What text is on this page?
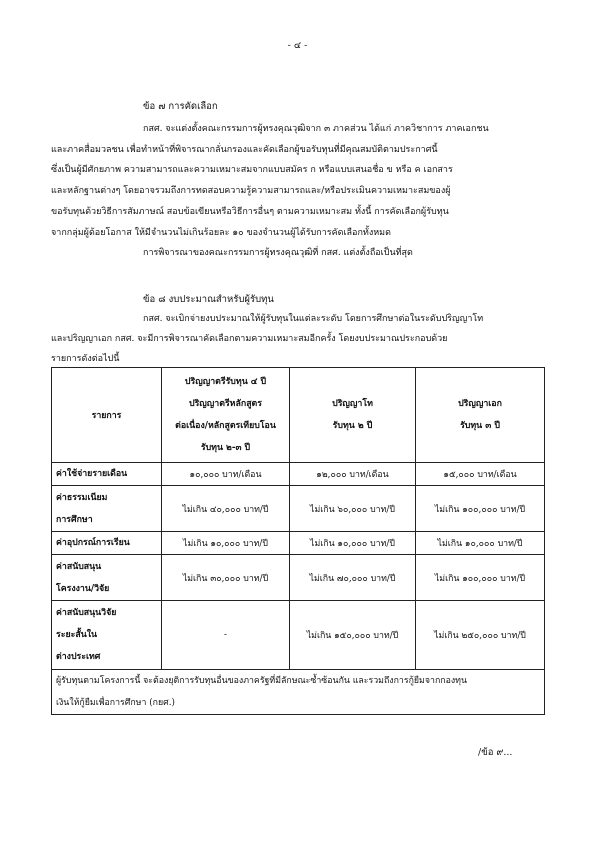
- ๔ -
ข้อ ๗ การคัดเลือก
กสศ. จะแต่งตั้งคณะกรรมการผู้ทรงคุณวุฒิจาก ๓ ภาคส่วน ได้แก่ ภาควิชาการ ภาคเอกชน
และภาคสื่อมวลชน เพื่อทำหน้าที่พิจารณากลั่นกรองและคัดเลือกผู้ขอรับทุนที่มีคุณสมบัติตามประกาศนี้
ซึ่งเป็นผู้มีศักยภาพ ความสามารถและความเหมาะสมจากแบบสมัคร ก หรือแบบเสนอชื่อ ข หรือ ค เอกสาร
และหลักฐานต่างๆ โดยอาจรวมถึงการทดสอบความรู้ความสามารถและ/หรือประเมินความเหมาะสมของผู้
ขอรับทุนด้วยวิธีการสัมภาษณ์ สอบข้อเขียนหรือวิธีการอื่นๆ ตามความเหมาะสม ทั้งนี้ การคัดเลือกผู้รับทุน
จากกลุ่มผู้ด้อยโอกาส ให้มีจำนวนไม่เกินร้อยละ ๑๐ ของจำนวนผู้ได้รับการคัดเลือกทั้งหมด
การพิจารณาของคณะกรรมการผู้ทรงคุณวุฒิที่ กสศ. แต่งตั้งถือเป็นที่สุด
ข้อ ๘ งบประมาณสำหรับผู้รับทุน
กสศ. จะเบิกจ่ายงบประมาณให้ผู้รับทุนในแต่ละระดับ โดยการศึกษาต่อในระดับปริญญาโท
และปริญญาเอก กสศ. จะมีการพิจารณาคัดเลือกตามความเหมาะสมอีกครั้ง โดยงบประมาณประกอบด้วย
รายการดังต่อไปนี้
รายการ	ปริญญาตรีรับทุน ๔ ปี
ปริญญาตรีหลักสูตร
ต่อเนื่อง/หลักสูตรเทียบโอน
รับทุน ๒-๓ ปี	ปริญญาโท
รับทุน ๒ ปี	ปริญญาเอก
รับทุน ๓ ปี

ค่าใช้จ่ายรายเดือน	๑๐,๐๐๐ บาท/เดือน	๑๒,๐๐๐ บาท/เดือน	๑๕,๐๐๐ บาท/เดือน

ค่าธรรมเนียม
การศึกษา	ไม่เกิน ๔๐,๐๐๐ บาท/ปี	ไม่เกิน ๖๐,๐๐๐ บาท/ปี	ไม่เกิน ๑๐๐,๐๐๐ บาท/ปี

ค่าอุปกรณ์การเรียน	ไม่เกิน ๑๐,๐๐๐ บาท/ปี	ไม่เกิน ๑๐,๐๐๐ บาท/ปี	ไม่เกิน ๑๐,๐๐๐ บาท/ปี

ค่าสนับสนุน
โครงงาน/วิจัย	ไม่เกิน ๓๐,๐๐๐ บาท/ปี	ไม่เกิน ๗๐,๐๐๐ บาท/ปี	ไม่เกิน ๑๐๐,๐๐๐ บาท/ปี

ค่าสนับสนุนวิจัย
ระยะสั้นใน
ต่างประเทศ	-	ไม่เกิน ๑๕๐,๐๐๐ บาท/ปี	ไม่เกิน ๒๕๐,๐๐๐ บาท/ปี

ผู้รับทุนตามโครงการนี้ จะต้องยุติการรับทุนอื่นของภาครัฐที่มีลักษณะซ้ำซ้อนกัน และรวมถึงการกู้ยืมจากกองทุน
เงินให้กู้ยืมเพื่อการศึกษา (กยศ.)			
/ข้อ ๙...
